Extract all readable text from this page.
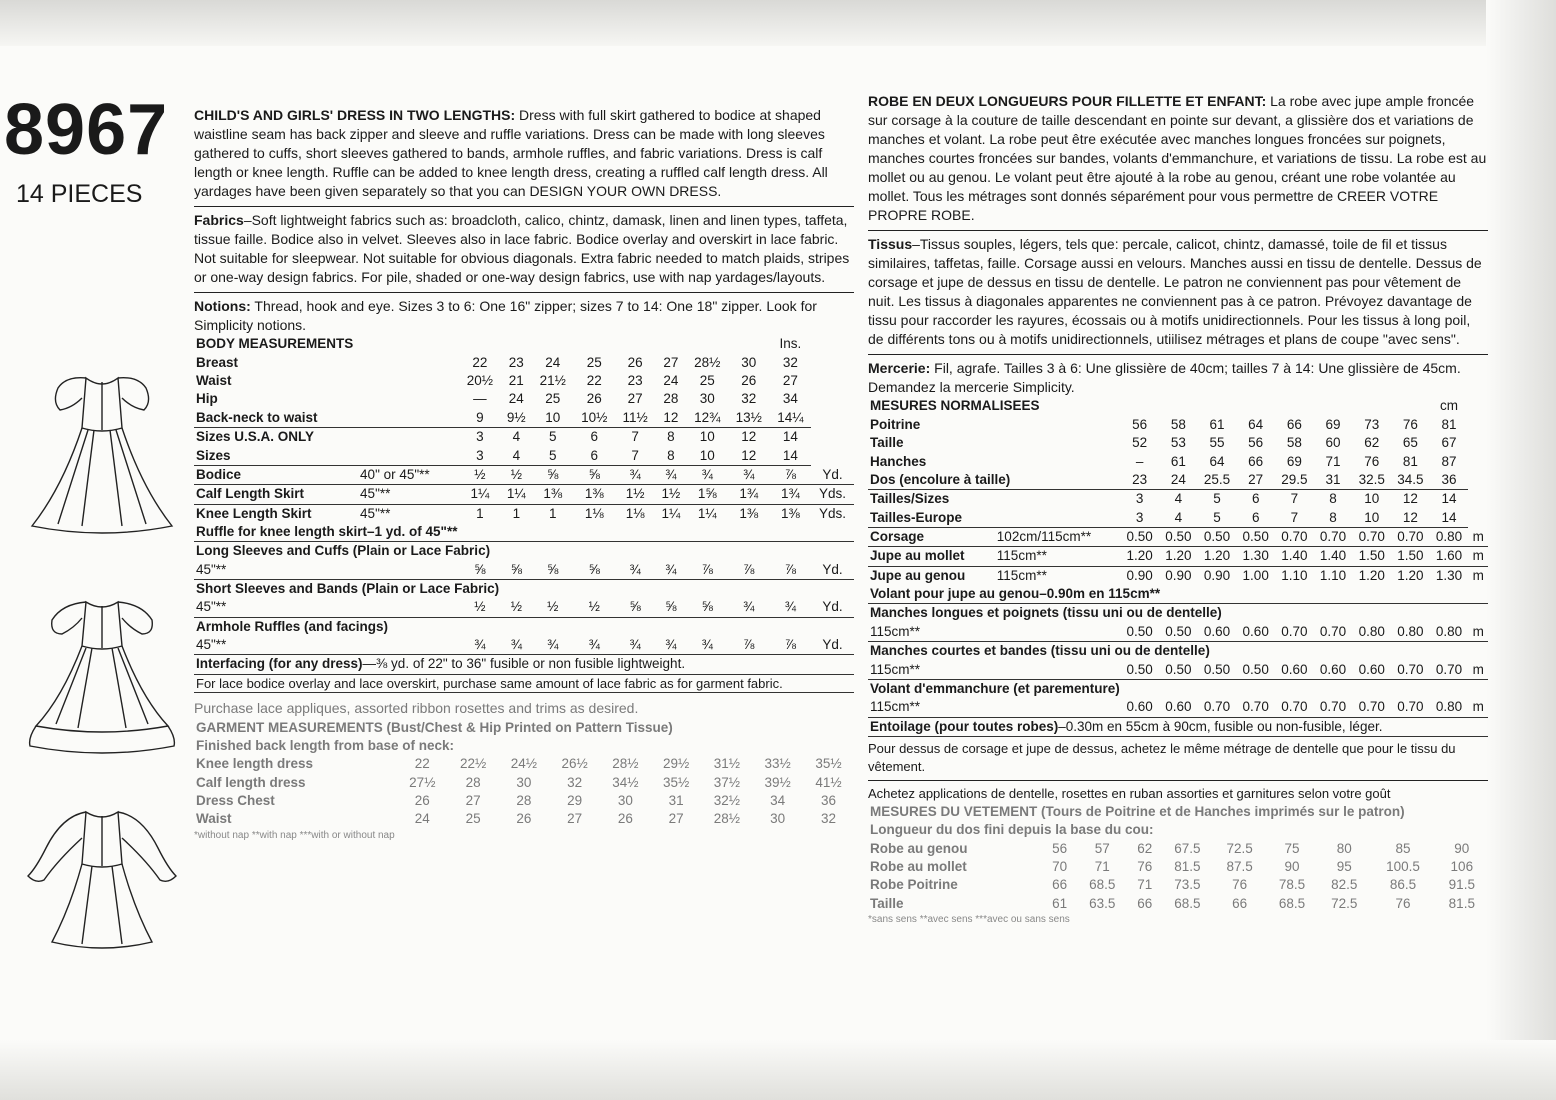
8967
14 PIECES

CHILD'S AND GIRLS' DRESS IN TWO LENGTHS: Dress with full skirt gathered to bodice at shaped waistline seam has back zipper and sleeve and ruffle variations. Dress can be made with long sleeves gathered to cuffs, short sleeves gathered to bands, armhole ruffles, and fabric variations. Dress is calf length or knee length. Ruffle can be added to knee length dress, creating a ruffled calf length dress. All yardages have been given separately so that you can DESIGN YOUR OWN DRESS.

Fabrics–Soft lightweight fabrics such as: broadcloth, calico, chintz, damask, linen and linen types, taffeta, tissue faille. Bodice also in velvet. Sleeves also in lace fabric. Bodice overlay and overskirt in lace fabric. Not suitable for sleepwear. Not suitable for obvious diagonals. Extra fabric needed to match plaids, stripes or one-way design fabrics. For pile, shaded or one-way design fabrics, use with nap yardages/layouts.

Notions: Thread, hook and eye. Sizes 3 to 6: One 16" zipper; sizes 7 to 14: One 18" zipper. Look for Simplicity notions.

BODY MEASUREMENTS										Ins.	
Breast		22	23	24	25	26	27	28½	30	32	
Waist		20½	21	21½	22	23	24	25	26	27	
Hip		—	24	25	26	27	28	30	32	34	
Back-neck to waist		9	9½	10	10½	11½	12	12¾	13½	14¼	
Sizes U.S.A. ONLY		3	4	5	6	7	8	10	12	14	
Sizes		3	4	5	6	7	8	10	12	14	
Bodice	40" or 45"**	½	½	⅝	⅝	¾	¾	¾	¾	⅞	Yd.
Calf Length Skirt	45"**	1¼	1¼	1⅜	1⅜	1½	1½	1⅝	1¾	1¾	Yds.
Knee Length Skirt	45"**	1	1	1	1⅛	1⅛	1¼	1¼	1⅜	1⅜	Yds.
Ruffle for knee length skirt–1 yd. of 45"**											
Long Sleeves and Cuffs (Plain or Lace Fabric)											
45"**		⅝	⅝	⅝	⅝	¾	¾	⅞	⅞	⅞	Yd.
Short Sleeves and Bands (Plain or Lace Fabric)											
45"**		½	½	½	½	⅝	⅝	⅝	¾	¾	Yd.
Armhole Ruffles (and facings)											
45"**		¾	¾	¾	¾	¾	¾	¾	⅞	⅞	Yd.
Interfacing (for any dress)—⅜ yd. of 22" to 36" fusible or non fusible lightweight.											
For lace bodice overlay and lace overskirt, purchase same amount of lace fabric as for garment fabric.											

Purchase lace appliques, assorted ribbon rosettes and trims as desired.

GARMENT MEASUREMENTS (Bust/Chest & Hip Printed on Pattern Tissue)									
Finished back length from base of neck:									
Knee length dress	22	22½	24½	26½	28½	29½	31½	33½	35½
Calf length dress	27½	28	30	32	34½	35½	37½	39½	41½
Dress Chest	26	27	28	29	30	31	32½	34	36
Waist	24	25	26	27	26	27	28½	30	32

*without nap **with nap ***with or without nap

ROBE EN DEUX LONGUEURS POUR FILLETTE ET ENFANT: La robe avec jupe ample froncée sur corsage à la couture de taille descendant en pointe sur devant, a glissière dos et variations de manches et volant. La robe peut être exécutée avec manches longues froncées sur poignets, manches courtes froncées sur bandes, volants d'emmanchure, et variations de tissu. La robe est au mollet ou au genou. Le volant peut être ajouté à la robe au genou, créant une robe volantée au mollet. Tous les métrages sont donnés séparément pour vous permettre de CREER VOTRE PROPRE ROBE.

Tissus–Tissus souples, légers, tels que: percale, calicot, chintz, damassé, toile de fil et tissus similaires, taffetas, faille. Corsage aussi en velours. Manches aussi en tissu de dentelle. Dessus de corsage et jupe de dessus en tissu de dentelle. Le patron ne conviennent pas pour vêtement de nuit. Les tissus à diagonales apparentes ne conviennent pas à ce patron. Prévoyez davantage de tissu pour raccorder les rayures, écossais ou à motifs unidirectionnels. Pour les tissus à long poil, de différents tons ou à motifs unidirectionnels, utiilisez métrages et plans de coupe "avec sens".

Mercerie: Fil, agrafe. Tailles 3 à 6: Une glissière de 40cm; tailles 7 à 14: Une glissière de 45cm. Demandez la mercerie Simplicity.

MESURES NORMALISEES										cm	
Poitrine		56	58	61	64	66	69	73	76	81	
Taille		52	53	55	56	58	60	62	65	67	
Hanches		–	61	64	66	69	71	76	81	87	
Dos (encolure à taille)		23	24	25.5	27	29.5	31	32.5	34.5	36	
Tailles/Sizes		3	4	5	6	7	8	10	12	14	
Tailles-Europe		3	4	5	6	7	8	10	12	14	
Corsage	102cm/115cm**	0.50	0.50	0.50	0.50	0.70	0.70	0.70	0.70	0.80	m
Jupe au mollet	115cm**	1.20	1.20	1.20	1.30	1.40	1.40	1.50	1.50	1.60	m
Jupe au genou	115cm**	0.90	0.90	0.90	1.00	1.10	1.10	1.20	1.20	1.30	m
Volant pour jupe au genou–0.90m en 115cm**											
Manches longues et poignets (tissu uni ou de dentelle)											
115cm**		0.50	0.50	0.60	0.60	0.70	0.70	0.80	0.80	0.80	m
Manches courtes et bandes (tissu uni ou de dentelle)											
115cm**		0.50	0.50	0.50	0.50	0.60	0.60	0.60	0.70	0.70	m
Volant d'emmanchure (et parementure)											
115cm**		0.60	0.60	0.70	0.70	0.70	0.70	0.70	0.70	0.80	m
Entoilage (pour toutes robes)–0.30m en 55cm à 90cm, fusible ou non-fusible, léger.											

Pour dessus de corsage et jupe de dessus, achetez le même métrage de dentelle que pour le tissu du vêtement.

Achetez applications de dentelle, rosettes en ruban assorties et garnitures selon votre goût

MESURES DU VETEMENT (Tours de Poitrine et de Hanches imprimés sur le patron)									
Longueur du dos fini depuis la base du cou:									
Robe au genou	56	57	62	67.5	72.5	75	80	85	90
Robe au mollet	70	71	76	81.5	87.5	90	95	100.5	106
Robe Poitrine	66	68.5	71	73.5	76	78.5	82.5	86.5	91.5
Taille	61	63.5	66	68.5	66	68.5	72.5	76	81.5

*sans sens **avec sens ***avec ou sans sens
